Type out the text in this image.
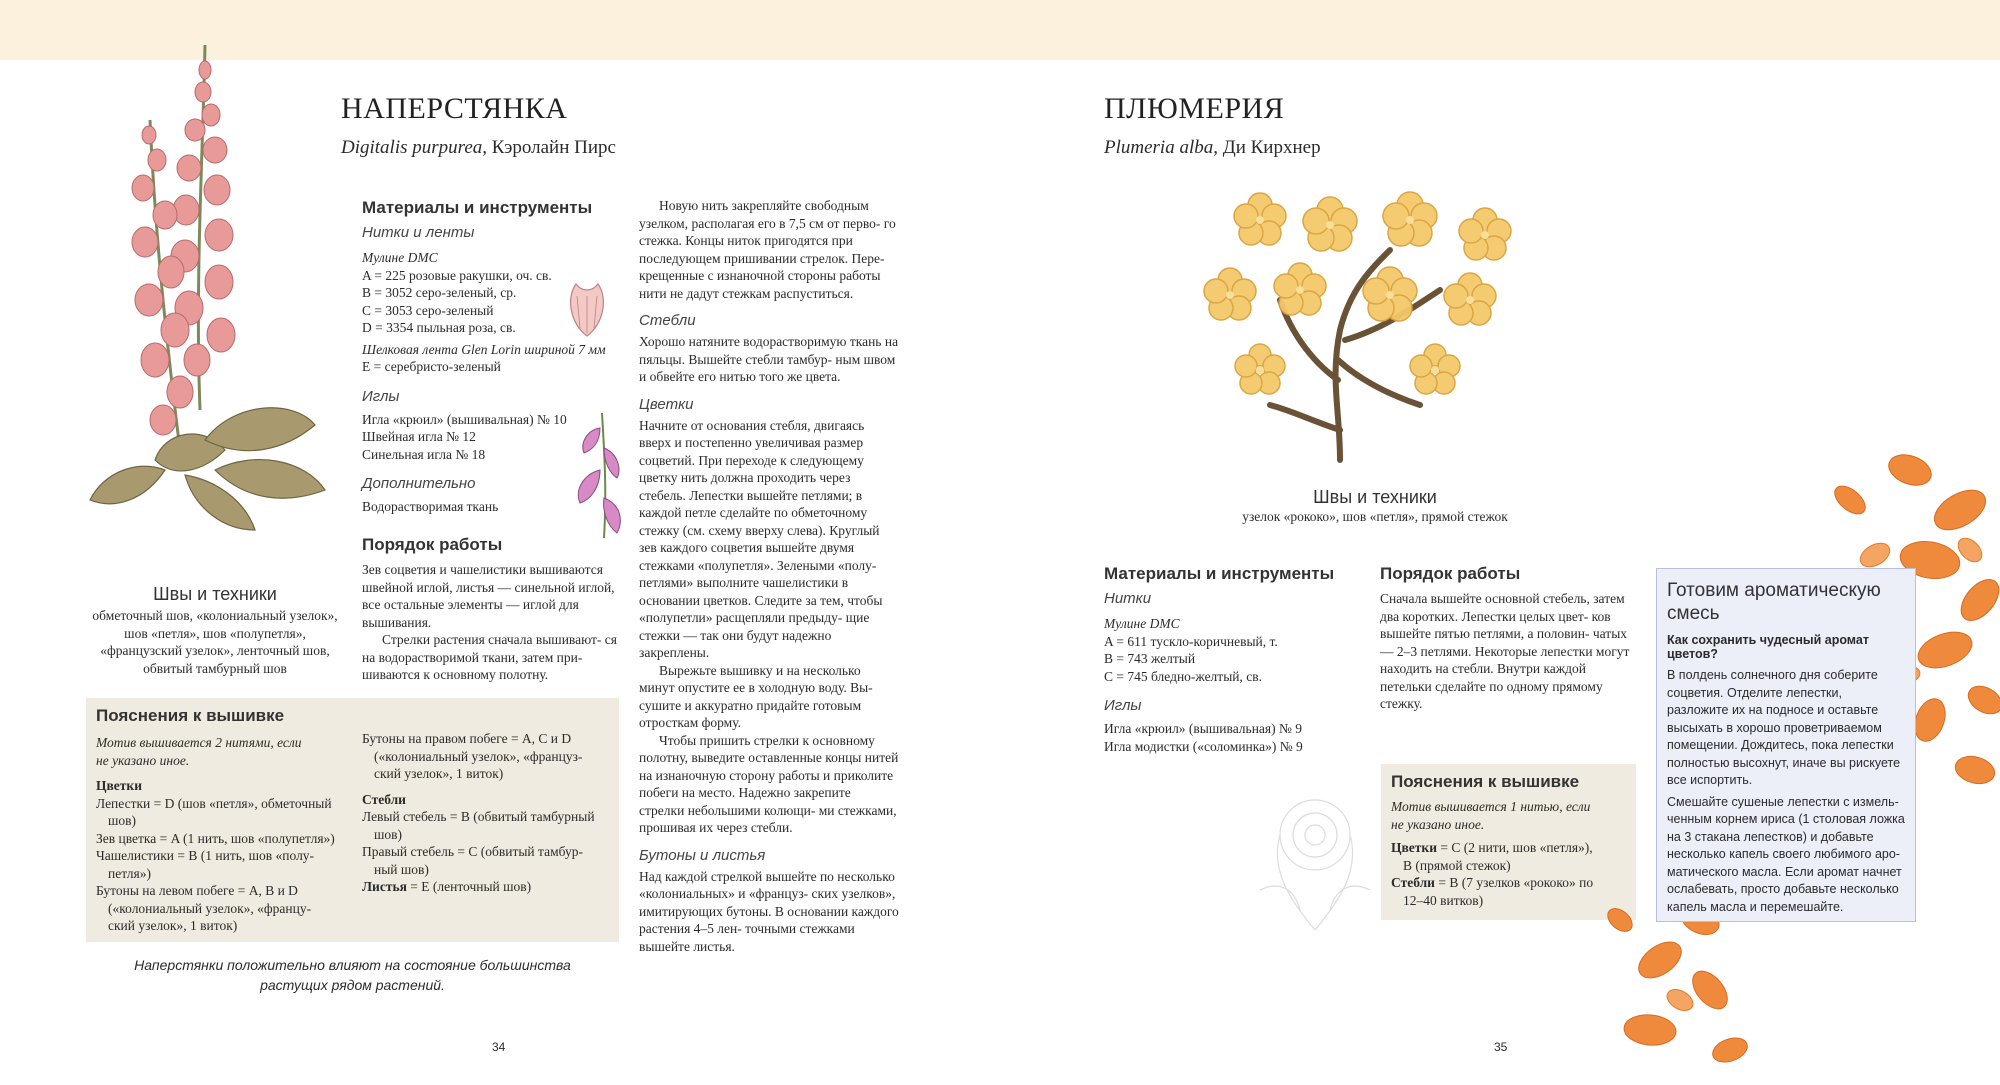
НАПЕРСТЯНКА
Digitalis purpurea, Кэролайн Пирс
Материалы и инструменты
Нитки и ленты
Мулине DMC
A = 225 розовые ракушки, оч. св.
B = 3052 серо-зеленый, ср.
C = 3053 серо-зеленый
D = 3354 пыльная роза, св.
Шелковая лента Glen Lorin шириной 7 мм
E = серебристо-зеленый
Иглы
Игла «крюил» (вышивальная) № 10
Швейная игла № 12
Синельная игла № 18
Дополнительно
Водорастворимая ткань
Порядок работы

Зев соцветия и чашелистики вышиваются швейной иглой, листья — синельной иглой, все остальные элементы — иглой для вышивания.

Стрелки растения сначала вышивают- ся на водорастворимой ткани, затем при- шиваются к основному полотну.

Швы и техники
обметочный шов, «колониальный узелок»,
шов «петля», шов «полупетля»,
«французский узелок», ленточный шов,
обвитый тамбурный шов
Пояснения к вышивке
Мотив вышивается 2 нитями, если
не указано иное.
Цветки
Лепестки = D (шов «петля», обметочный
шов)
Зев цветка = A (1 нить, шов «полупетля»)
Чашелистики = B (1 нить, шов «полу-
петля»)
Бутоны на левом побеге = A, B и D
(«колониальный узелок», «францу-
ский узелок», 1 виток)
Бутоны на правом побеге = A, C и D
(«колониальный узелок», «францyз-
ский узелок», 1 виток)
Стебли
Левый стебель = B (обвитый тамбурный
шов)
Правый стебель = C (обвитый тамбур-
ный шов)
Листья = E (ленточный шов)
Наперстянки положительно влияют на состояние большинства
растущих рядом растений.

Новую нить закрепляйте свободным узелком, располагая его в 7,5 см от перво- го стежка. Концы ниток пригодятся при последующем пришивании стрелок. Пере- крещенные с изнаночной стороны работы нити не дадут стежкам распуститься.

Стебли

Хорошо натяните водорастворимую ткань на пяльцы. Вышейте стебли тамбур- ным швом и обвейте его нитью того же цвета.

Цветки

Начните от основания стебля, двигаясь вверх и постепенно увеличивая размер соцветий. При переходе к следующему цветку нить должна проходить через стебель. Лепестки вышейте петлями; в каждой петле сделайте по обметочному стежку (см. схему вверху слева). Круглый зев каждого соцветия вышейте двумя стежками «полупетля». Зелеными «полу- петлями» выполните чашелистики в основании цветков. Следите за тем, чтобы «полупетли» расщепляли предыду- щие стежки — так они будут надежно закреплены.

Вырежьте вышивку и на несколько минут опустите ее в холодную воду. Вы- сушите и аккуратно придайте готовым отросткам форму.

Чтобы пришить стрелки к основному полотну, выведите оставленные концы нитей на изнаночную сторону работы и приколите побеги на место. Надежно закрепите стрелки небольшими колющи- ми стежками, прошивая их через стебли.

Бутоны и листья

Над каждой стрелкой вышейте по несколько «колониальных» и «француз- ских узелков», имитирующих бутоны. В основании каждого растения 4–5 лен- точными стежками вышейте листья.

34
ПЛЮМЕРИЯ
Plumeria alba, Ди Кирхнер
Швы и техники
узелок «рококо», шов «петля», прямой стежок
Материалы и инструменты
Нитки
Мулине DMC
A = 611 тускло-коричневый, т.
B = 743 желтый
C = 745 бледно-желтый, св.
Иглы
Игла «крюил» (вышивальная) № 9
Игла модистки («соломинка») № 9
Порядок работы

Сначала вышейте основной стебель, затем два коротких. Лепестки целых цвет- ков вышейте пятью петлями, а половин- чатых — 2–3 петлями. Некоторые лепестки могут находить на стебли. Внутри каждой петельки сделайте по одному прямому стежку.

Пояснения к вышивке
Мотив вышивается 1 нитью, если
не указано иное.
Цветки = C (2 нити, шов «петля»),
B (прямой стежок)
Стебли = B (7 узелков «рококо» по
12–40 витков)
Готовим ароматическую смесь
Как сохранить чудесный аромат цветов?

В полдень солнечного дня соберите соцветия. Отделите лепестки, разложите их на подносе и оставьте высыхать в хорошо проветриваемом помещении. Дождитесь, пока лепестки полностью высохнут, иначе вы рискуете все испортить.

Смешайте сушеные лепестки с измель- ченным корнем ириса (1 столовая ложка на 3 стакана лепестков) и добавьте несколько капель своего любимого аро- матического масла. Если аромат начнет ослабевать, просто добавьте несколько капель масла и перемешайте.

35
